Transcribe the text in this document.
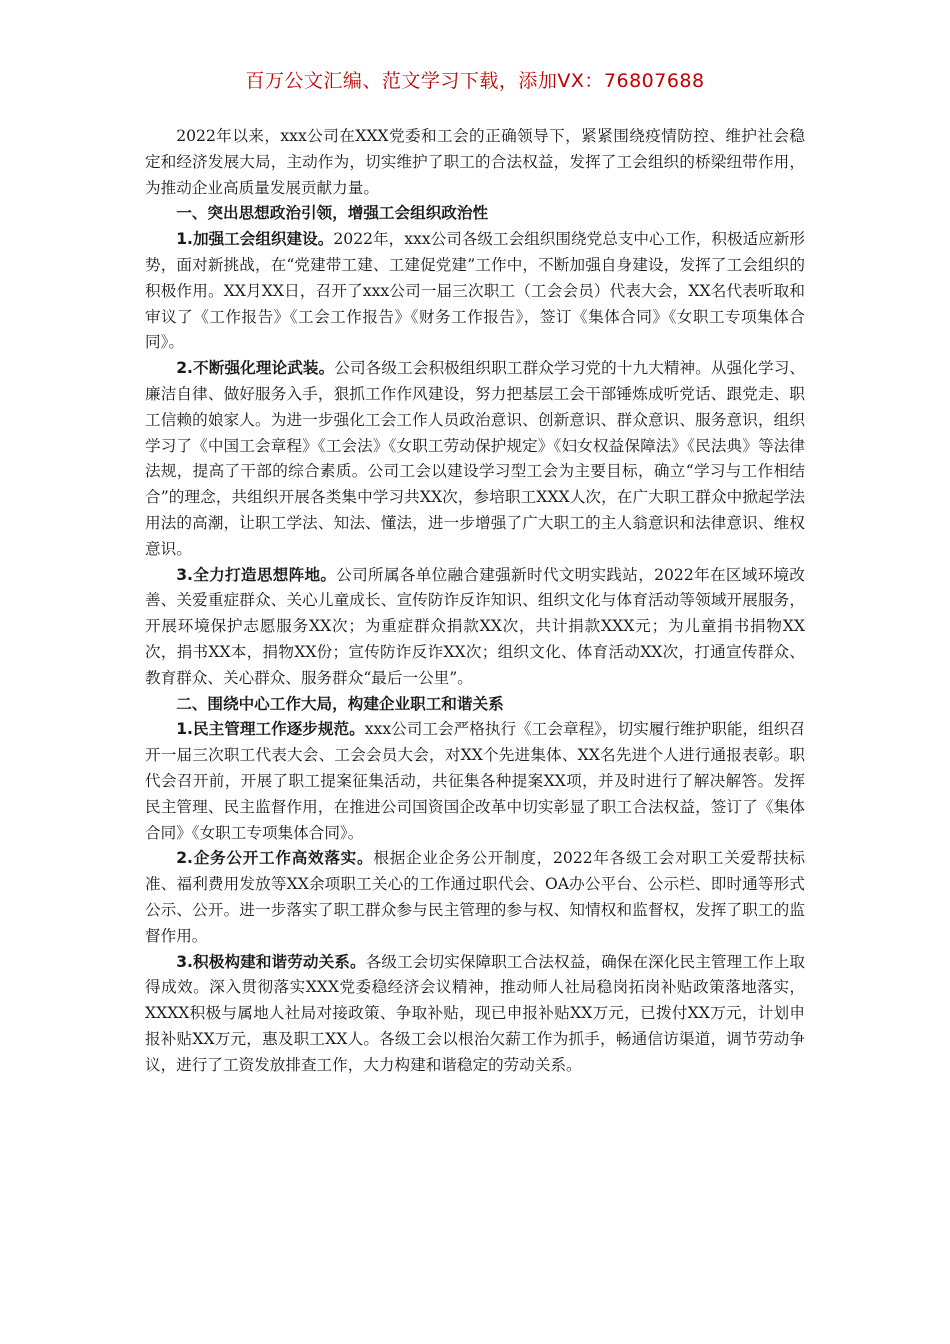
百万公文汇编、范文学习下载，添加VX：76807688

2022年以来，xxx公司在XXX党委和工会的正确领导下，紧紧围绕疫情防控、维护社会稳定和经济发展大局，主动作为，切实维护了职工的合法权益，发挥了工会组织的桥梁纽带作用，为推动企业高质量发展贡献力量。

一、突出思想政治引领，增强工会组织政治性

1.加强工会组织建设。2022年，xxx公司各级工会组织围绕党总支中心工作，积极适应新形势，面对新挑战，在“党建带工建、工建促党建”工作中，不断加强自身建设，发挥了工会组织的积极作用。XX月XX日，召开了xxx公司一届三次职工（工会会员）代表大会，XX名代表听取和审议了《工作报告》《工会工作报告》《财务工作报告》，签订《集体合同》《女职工专项集体合同》。

2.不断强化理论武装。公司各级工会积极组织职工群众学习党的十九大精神。从强化学习、廉洁自律、做好服务入手，狠抓工作作风建设，努力把基层工会干部锤炼成听党话、跟党走、职工信赖的娘家人。为进一步强化工会工作人员政治意识、创新意识、群众意识、服务意识，组织学习了《中国工会章程》《工会法》《女职工劳动保护规定》《妇女权益保障法》《民法典》等法律法规，提高了干部的综合素质。公司工会以建设学习型工会为主要目标，确立“学习与工作相结合”的理念，共组织开展各类集中学习共XX次，参培职工XXX人次，在广大职工群众中掀起学法用法的高潮，让职工学法、知法、懂法，进一步增强了广大职工的主人翁意识和法律意识、维权意识。

3.全力打造思想阵地。公司所属各单位融合建强新时代文明实践站，2022年在区域环境改善、关爱重症群众、关心儿童成长、宣传防诈反诈知识、组织文化与体育活动等领域开展服务，开展环境保护志愿服务XX次；为重症群众捐款XX次，共计捐款XXX元；为儿童捐书捐物XX次，捐书XX本，捐物XX份；宣传防诈反诈XX次；组织文化、体育活动XX次，打通宣传群众、教育群众、关心群众、服务群众“最后一公里”。

二、围绕中心工作大局，构建企业职工和谐关系

1.民主管理工作逐步规范。xxx公司工会严格执行《工会章程》，切实履行维护职能，组织召开一届三次职工代表大会、工会会员大会，对XX个先进集体、XX名先进个人进行通报表彰。职代会召开前，开展了职工提案征集活动，共征集各种提案XX项，并及时进行了解决解答。发挥民主管理、民主监督作用，在推进公司国资国企改革中切实彰显了职工合法权益，签订了《集体合同》《女职工专项集体合同》。

2.企务公开工作高效落实。根据企业企务公开制度，2022年各级工会对职工关爱帮扶标准、福利费用发放等XX余项职工关心的工作通过职代会、OA办公平台、公示栏、即时通等形式公示、公开。进一步落实了职工群众参与民主管理的参与权、知情权和监督权，发挥了职工的监督作用。

3.积极构建和谐劳动关系。各级工会切实保障职工合法权益，确保在深化民主管理工作上取得成效。深入贯彻落实XXX党委稳经济会议精神，推动师人社局稳岗拓岗补贴政策落地落实，XXXX积极与属地人社局对接政策、争取补贴，现已申报补贴XX万元，已拨付XX万元，计划申报补贴XX万元，惠及职工XX人。各级工会以根治欠薪工作为抓手，畅通信访渠道，调节劳动争议，进行了工资发放排查工作，大力构建和谐稳定的劳动关系。
